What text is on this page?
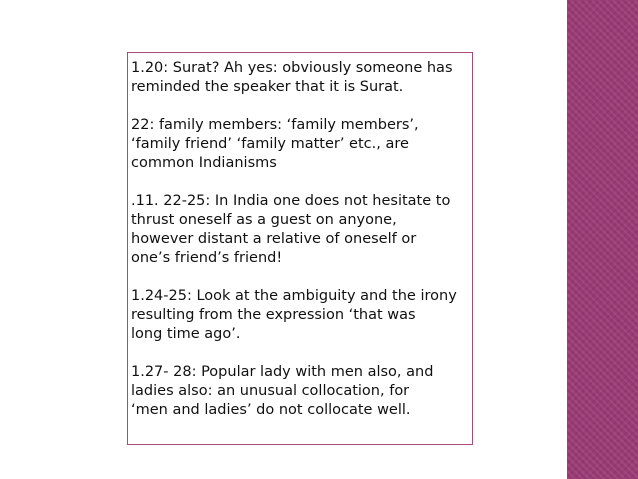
1.20: Surat? Ah yes: obviously someone has
reminded the speaker that it is Surat.

22: family members: ‘family members’,
‘family friend’ ‘family matter’ etc., are
common Indianisms

.11. 22-25: In India one does not hesitate to
thrust oneself as a guest on anyone,
however distant a relative of oneself or
one’s friend’s friend!

1.24-25: Look at the ambiguity and the irony
resulting from the expression ‘that was
long time ago’.

1.27- 28: Popular lady with men also, and
ladies also: an unusual collocation, for
‘men and ladies’ do not collocate well.
